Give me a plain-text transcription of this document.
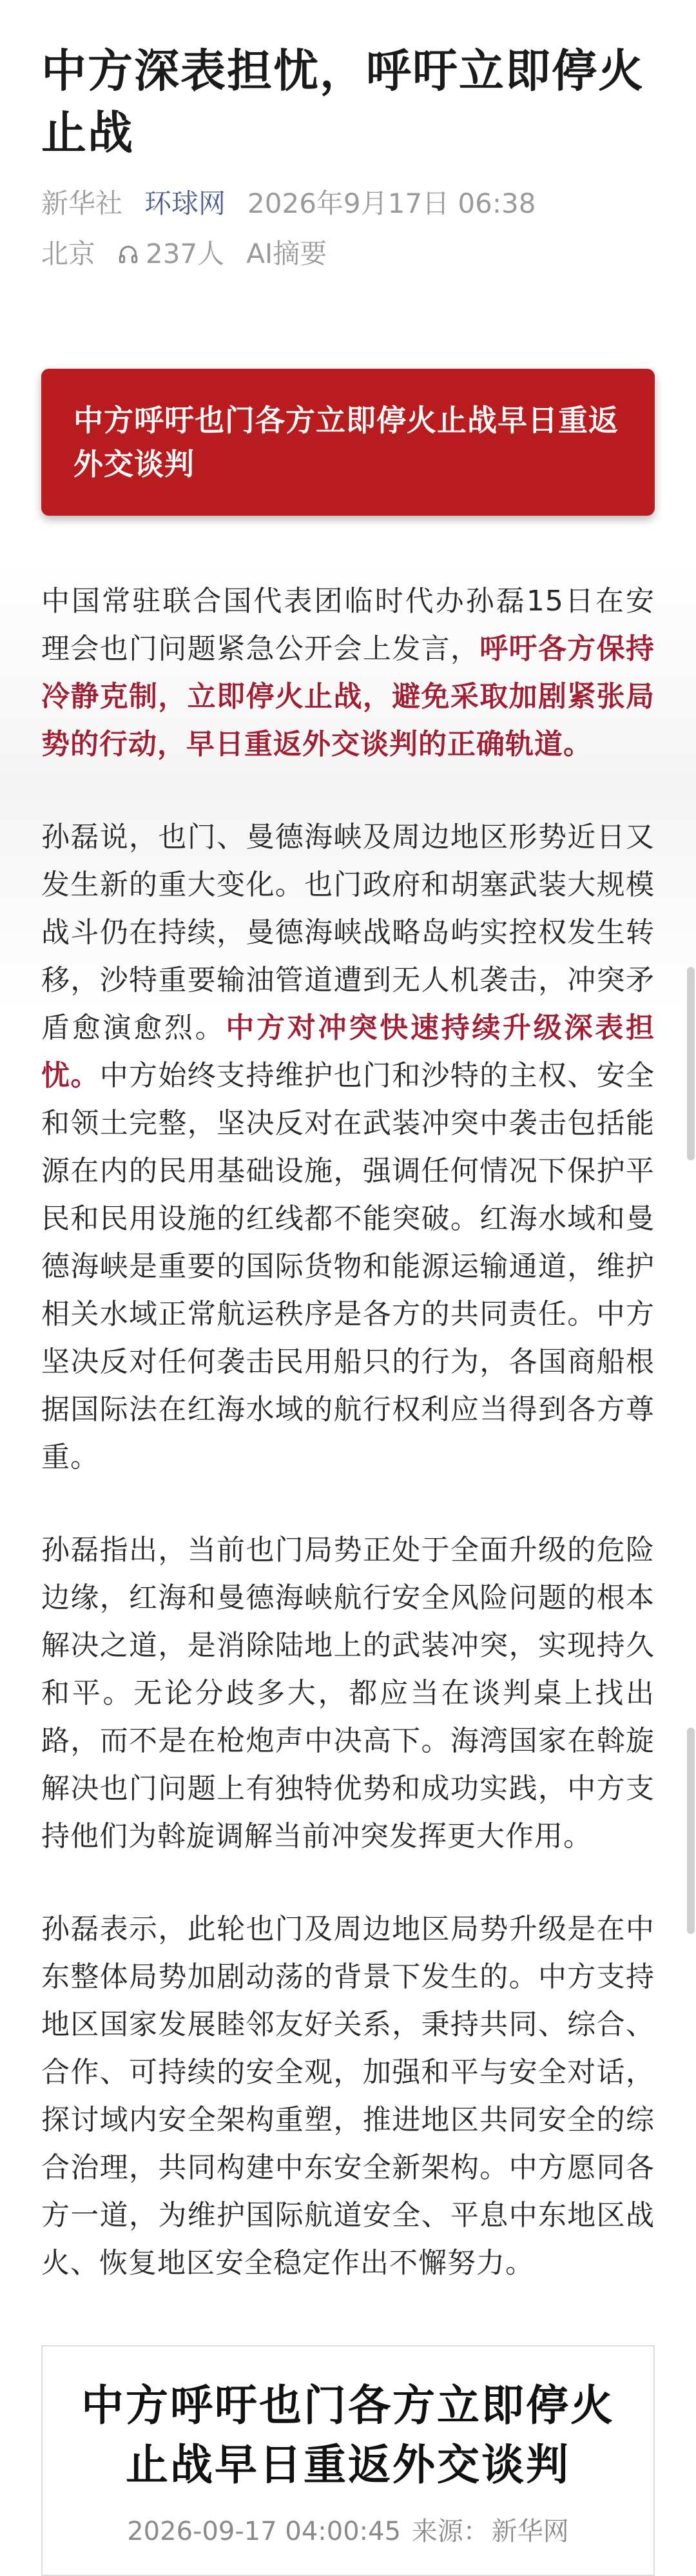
中方深表担忧，呼吁立即停火止战
新华社 环球网 2026年9月17日 06:38
北京 237人 AI摘要
中方呼吁也门各方立即停火止战早日重返外交谈判

中国常驻联合国代表团临时代办孙磊15日在安理会也门问题紧急公开会上发言，呼吁各方保持冷静克制，立即停火止战，避免采取加剧紧张局势的行动，早日重返外交谈判的正确轨道。

孙磊说，也门、曼德海峡及周边地区形势近日又发生新的重大变化。也门政府和胡塞武装大规模战斗仍在持续，曼德海峡战略岛屿实控权发生转移，沙特重要输油管道遭到无人机袭击，冲突矛盾愈演愈烈。中方对冲突快速持续升级深表担忧。中方始终支持维护也门和沙特的主权、安全和领土完整，坚决反对在武装冲突中袭击包括能源在内的民用基础设施，强调任何情况下保护平民和民用设施的红线都不能突破。红海水域和曼德海峡是重要的国际货物和能源运输通道，维护相关水域正常航运秩序是各方的共同责任。中方坚决反对任何袭击民用船只的行为，各国商船根据国际法在红海水域的航行权利应当得到各方尊重。

孙磊指出，当前也门局势正处于全面升级的危险边缘，红海和曼德海峡航行安全风险问题的根本解决之道，是消除陆地上的武装冲突，实现持久和平。无论分歧多大，都应当在谈判桌上找出路，而不是在枪炮声中决高下。海湾国家在斡旋解决也门问题上有独特优势和成功实践，中方支持他们为斡旋调解当前冲突发挥更大作用。

孙磊表示，此轮也门及周边地区局势升级是在中东整体局势加剧动荡的背景下发生的。中方支持地区国家发展睦邻友好关系，秉持共同、综合、合作、可持续的安全观，加强和平与安全对话，探讨域内安全架构重塑，推进地区共同安全的综合治理，共同构建中东安全新架构。中方愿同各方一道，为维护国际航道安全、平息中东地区战火、恢复地区安全稳定作出不懈努力。

中方呼吁也门各方立即停火止战早日重返外交谈判
2026-09-17 04:00:45 来源： 新华网
